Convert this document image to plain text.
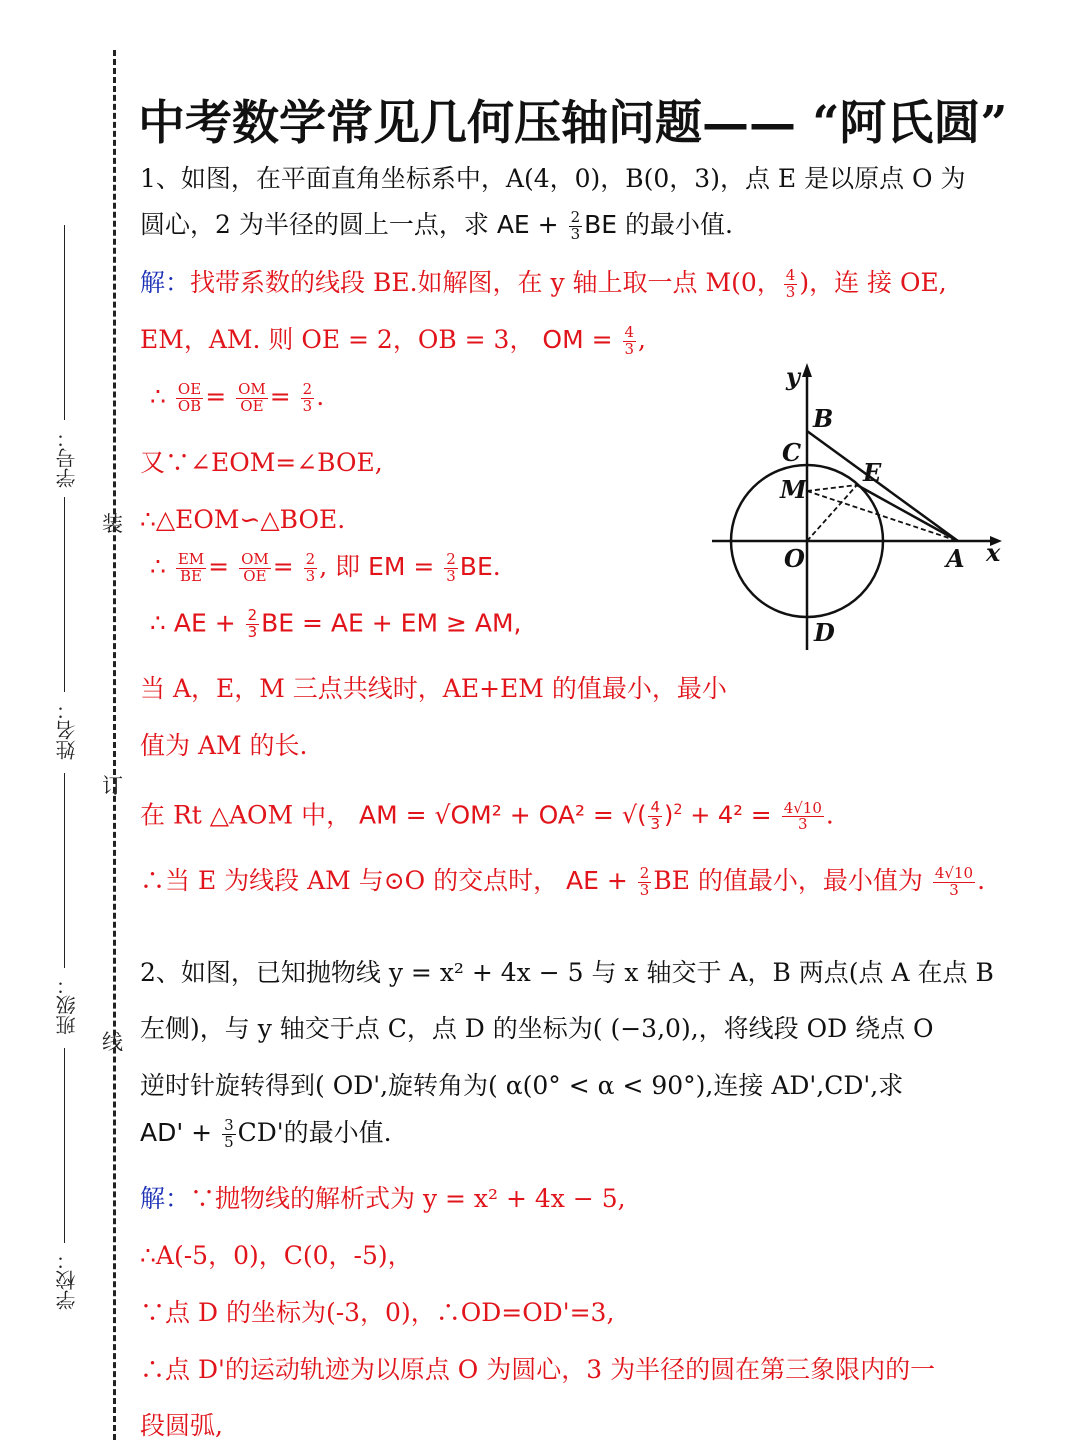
学号：
姓名：
班级：
学校：
装
订
线
中考数学常见几何压轴问题—— “阿氏圆”
1、如图，在平面直角坐标系中，A(4，0)，B(0，3)，点 E 是以原点 O 为
圆心，2 为半径的圆上一点，求 AE + $\frac{2}{3}$ BE 的最小值.
解：找带系数的线段 BE.如解图，在 y 轴上取一点 M(0， $\frac{4}{3}$ )，连 接 OE,
EM，AM. 则 OE = 2，OB = 3， OM = $\frac{4}{3}$ ,
∴ $\frac{OE}{OB} = \frac{OM}{OE} = \frac{2}{3}$ .
又∵∠EOM=∠BOE,
∴△EOM∽△BOE.
∴ $\frac{EM}{BE} = \frac{OM}{OE} = \frac{2}{3}$ , 即 EM = $\frac{2}{3}$ BE.
∴ AE + $\frac{2}{3}$ BE = AE + EM ≥ AM,
当 A，E，M 三点共线时，AE+EM 的值最小，最小
值为 AM 的长.
在 Rt △AOM 中， AM = √OM² + OA² = √( $\frac{4}{3} )^2 + 4^2 = \frac{4√10}{3}$ .
∴当 E 为线段 AM 与⊙O 的交点时， AE + $\frac{2}{3}$ BE 的值最小，最小值为 $\frac{4√10}{3}$ .
y
B
C
E
M
O	A x
D
2、如图，已知抛物线 y = x² + 4x − 5 与 x 轴交于 A，B 两点(点 A 在点 B
左侧)，与 y 轴交于点 C，点 D 的坐标为( (−3,0),，将线段 OD 绕点 O
逆时针旋转得到( OD',旋转角为( α(0° < α < 90°),连接 AD',CD',求
$AD' + \frac{3}{5} CD'$的最小值.
解：∵抛物线的解析式为 y = x² + 4x − 5,
∴A(-5，0)，C(0，-5)，
∵点 D 的坐标为(-3，0)，∴OD=OD'=3,
∴点 D'的运动轨迹为以原点 O 为圆心，3 为半径的圆在第三象限内的一
段圆弧,
